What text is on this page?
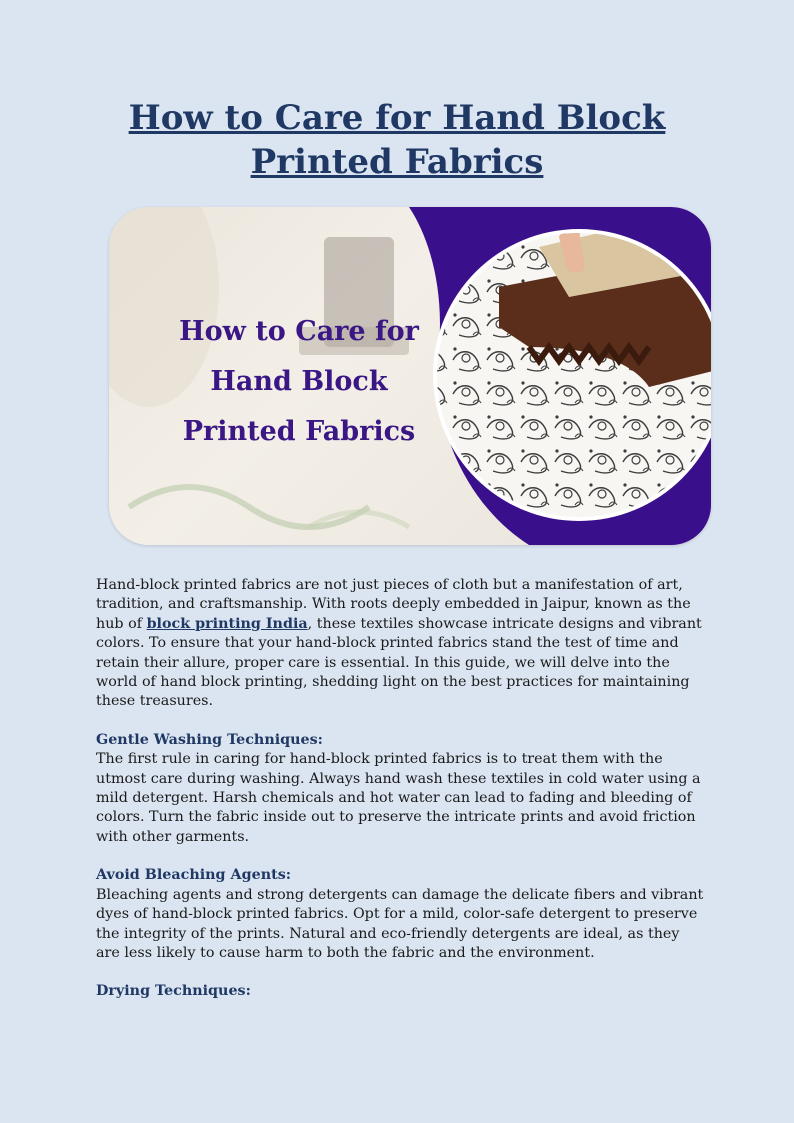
How to Care for Hand Block
Printed Fabrics
How to Care for
Hand Block
Printed Fabrics

Hand-block printed fabrics are not just pieces of cloth but a manifestation of art, tradition, and craftsmanship. With roots deeply embedded in Jaipur, known as the hub of block printing India, these textiles showcase intricate designs and vibrant colors. To ensure that your hand-block printed fabrics stand the test of time and retain their allure, proper care is essential. In this guide, we will delve into the world of hand block printing, shedding light on the best practices for maintaining these treasures.

Gentle Washing Techniques:

The first rule in caring for hand-block printed fabrics is to treat them with the utmost care during washing. Always hand wash these textiles in cold water using a mild detergent. Harsh chemicals and hot water can lead to fading and bleeding of colors. Turn the fabric inside out to preserve the intricate prints and avoid friction with other garments.

Avoid Bleaching Agents:

Bleaching agents and strong detergents can damage the delicate fibers and vibrant dyes of hand-block printed fabrics. Opt for a mild, color-safe detergent to preserve the integrity of the prints. Natural and eco-friendly detergents are ideal, as they are less likely to cause harm to both the fabric and the environment.

Drying Techniques:
